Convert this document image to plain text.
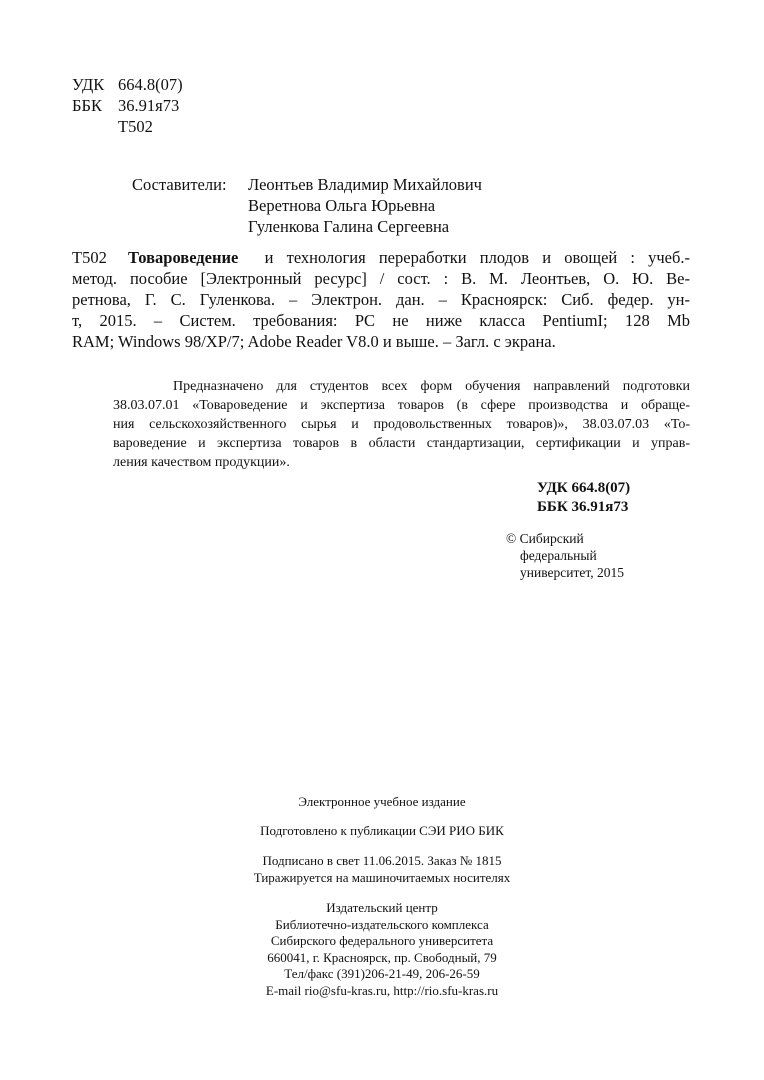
УДК 664.8(07)
ББК 36.91я73
Т502
Составители: Леонтьев Владимир Михайлович
Веретнова Ольга Юрьевна
Гуленкова Галина Сергеевна
Т502 Товароведение и технология переработки плодов и овощей : учеб.-
метод. пособие [Электронный ресурс] / сост. : В. М. Леонтьев, О. Ю. Ве-
ретнова, Г. С. Гуленкова. – Электрон. дан. – Красноярск: Сиб. федер. ун-
т, 2015. – Систем. требования: PC не ниже класса PentiumI; 128 Mb
RAM; Windows 98/XP/7; Adobe Reader V8.0 и выше. – Загл. с экрана.
Предназначено для студентов всех форм обучения направлений подготовки
38.03.07.01 «Товароведение и экспертиза товаров (в сфере производства и обраще-
ния сельскохозяйственного сырья и продовольственных товаров)», 38.03.07.03 «То-
вароведение и экспертиза товаров в области стандартизации, сертификации и управ-
ления качеством продукции».
УДК 664.8(07)
ББК 36.91я73
© Сибирский
федеральный
университет, 2015
Электронное учебное издание
Подготовлено к публикации СЭИ РИО БИК
Подписано в свет 11.06.2015. Заказ № 1815
Тиражируется на машиночитаемых носителях
Издательский центр
Библиотечно-издательского комплекса
Сибирского федерального университета
660041, г. Красноярск, пр. Свободный, 79
Тел/факс (391)206-21-49, 206-26-59
E-mail rio@sfu-kras.ru, http://rio.sfu-kras.ru
